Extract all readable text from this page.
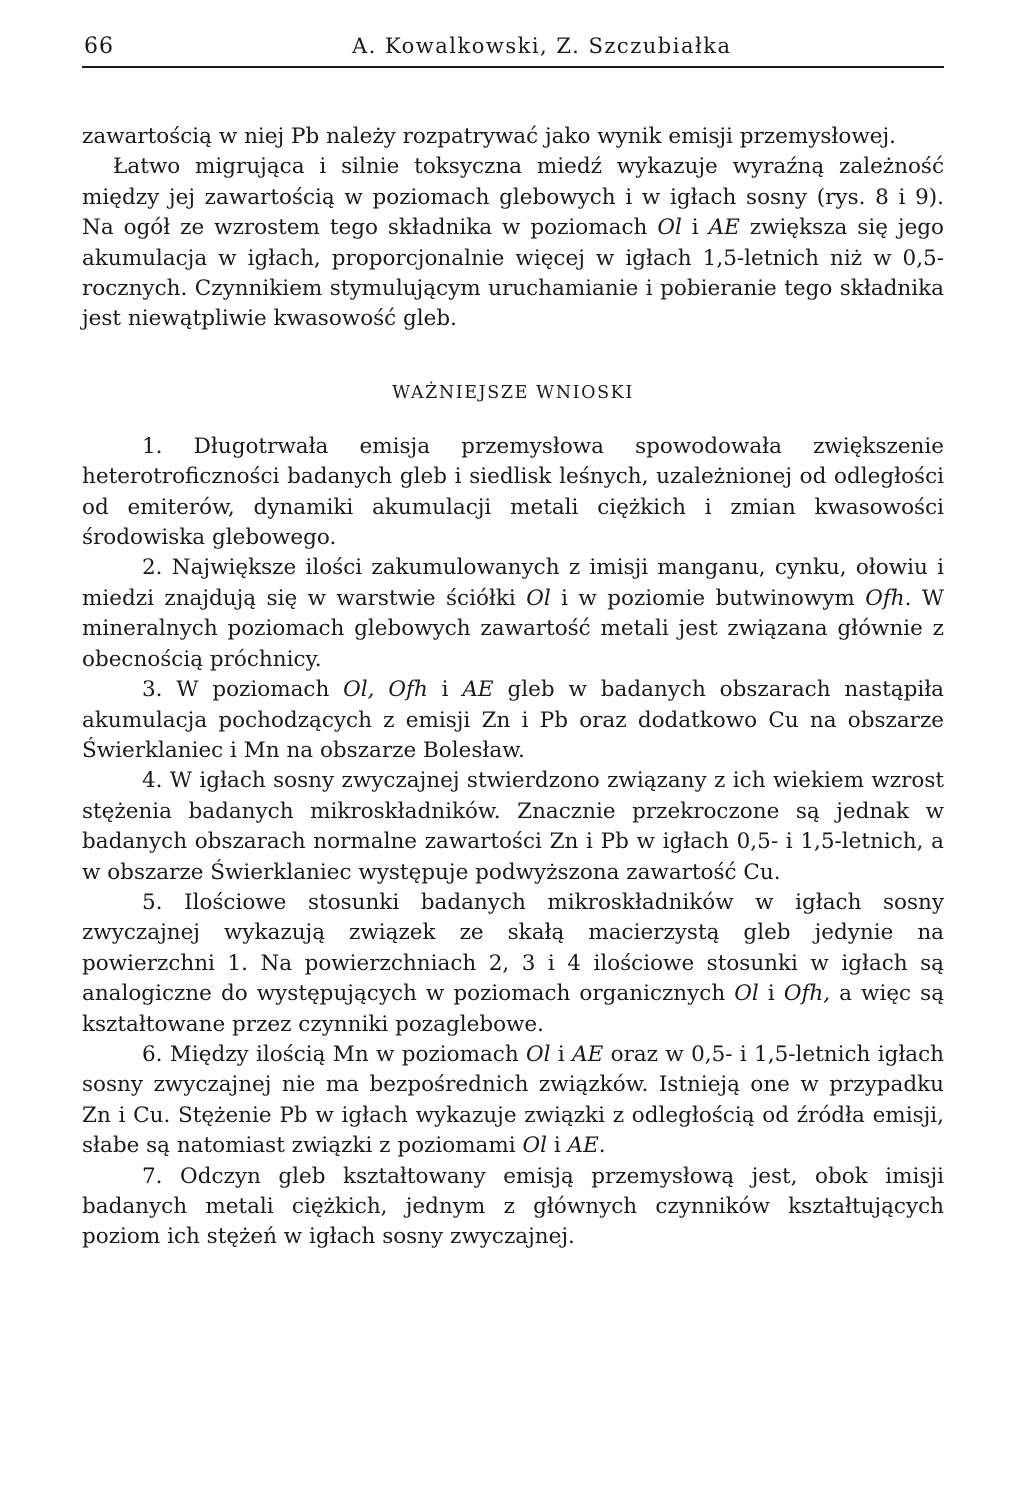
66	A. Kowalkowski, Z. Szczubiałka

zawartością w niej Pb należy rozpatrywać jako wynik emisji przemysłowej.

Łatwo migrująca i silnie toksyczna miedź wykazuje wyraźną zależność między jej zawartością w poziomach glebowych i w igłach sosny (rys. 8 i 9). Na ogół ze wzrostem tego składnika w poziomach Ol i AE zwiększa się jego akumulacja w igłach, proporcjonalnie więcej w igłach 1,5-letnich niż w 0,5-rocznych. Czynnikiem stymulującym uruchamianie i pobieranie tego składnika jest niewątpliwie kwasowość gleb.

WAŻNIEJSZE WNIOSKI

1. Długotrwała emisja przemysłowa spowodowała zwiększenie heterotroficzności badanych gleb i siedlisk leśnych, uzależnionej od odległości od emiterów, dynamiki akumulacji metali ciężkich i zmian kwasowości środowiska glebowego.

2. Największe ilości zakumulowanych z imisji manganu, cynku, ołowiu i miedzi znajdują się w warstwie ściółki Ol i w poziomie butwinowym Ofh. W mineralnych poziomach glebowych zawartość metali jest związana głównie z obecnością próchnicy.

3. W poziomach Ol, Ofh i AE gleb w badanych obszarach nastąpiła akumulacja pochodzących z emisji Zn i Pb oraz dodatkowo Cu na obszarze Świerklaniec i Mn na obszarze Bolesław.

4. W igłach sosny zwyczajnej stwierdzono związany z ich wiekiem wzrost stężenia badanych mikroskładników. Znacznie przekroczone są jednak w badanych obszarach normalne zawartości Zn i Pb w igłach 0,5- i 1,5-letnich, a w obszarze Świerklaniec występuje podwyższona zawartość Cu.

5. Ilościowe stosunki badanych mikroskładników w igłach sosny zwyczajnej wykazują związek ze skałą macierzystą gleb jedynie na powierzchni 1. Na powierzchniach 2, 3 i 4 ilościowe stosunki w igłach są analogiczne do występujących w poziomach organicznych Ol i Ofh, a więc są kształtowane przez czynniki pozaglebowe.

6. Między ilością Mn w poziomach Ol i AE oraz w 0,5- i 1,5-letnich igłach sosny zwyczajnej nie ma bezpośrednich związków. Istnieją one w przypadku Zn i Cu. Stężenie Pb w igłach wykazuje związki z odległością od źródła emisji, słabe są natomiast związki z poziomami Ol i AE.

7. Odczyn gleb kształtowany emisją przemysłową jest, obok imisji badanych metali ciężkich, jednym z głównych czynników kształtujących poziom ich stężeń w igłach sosny zwyczajnej.
